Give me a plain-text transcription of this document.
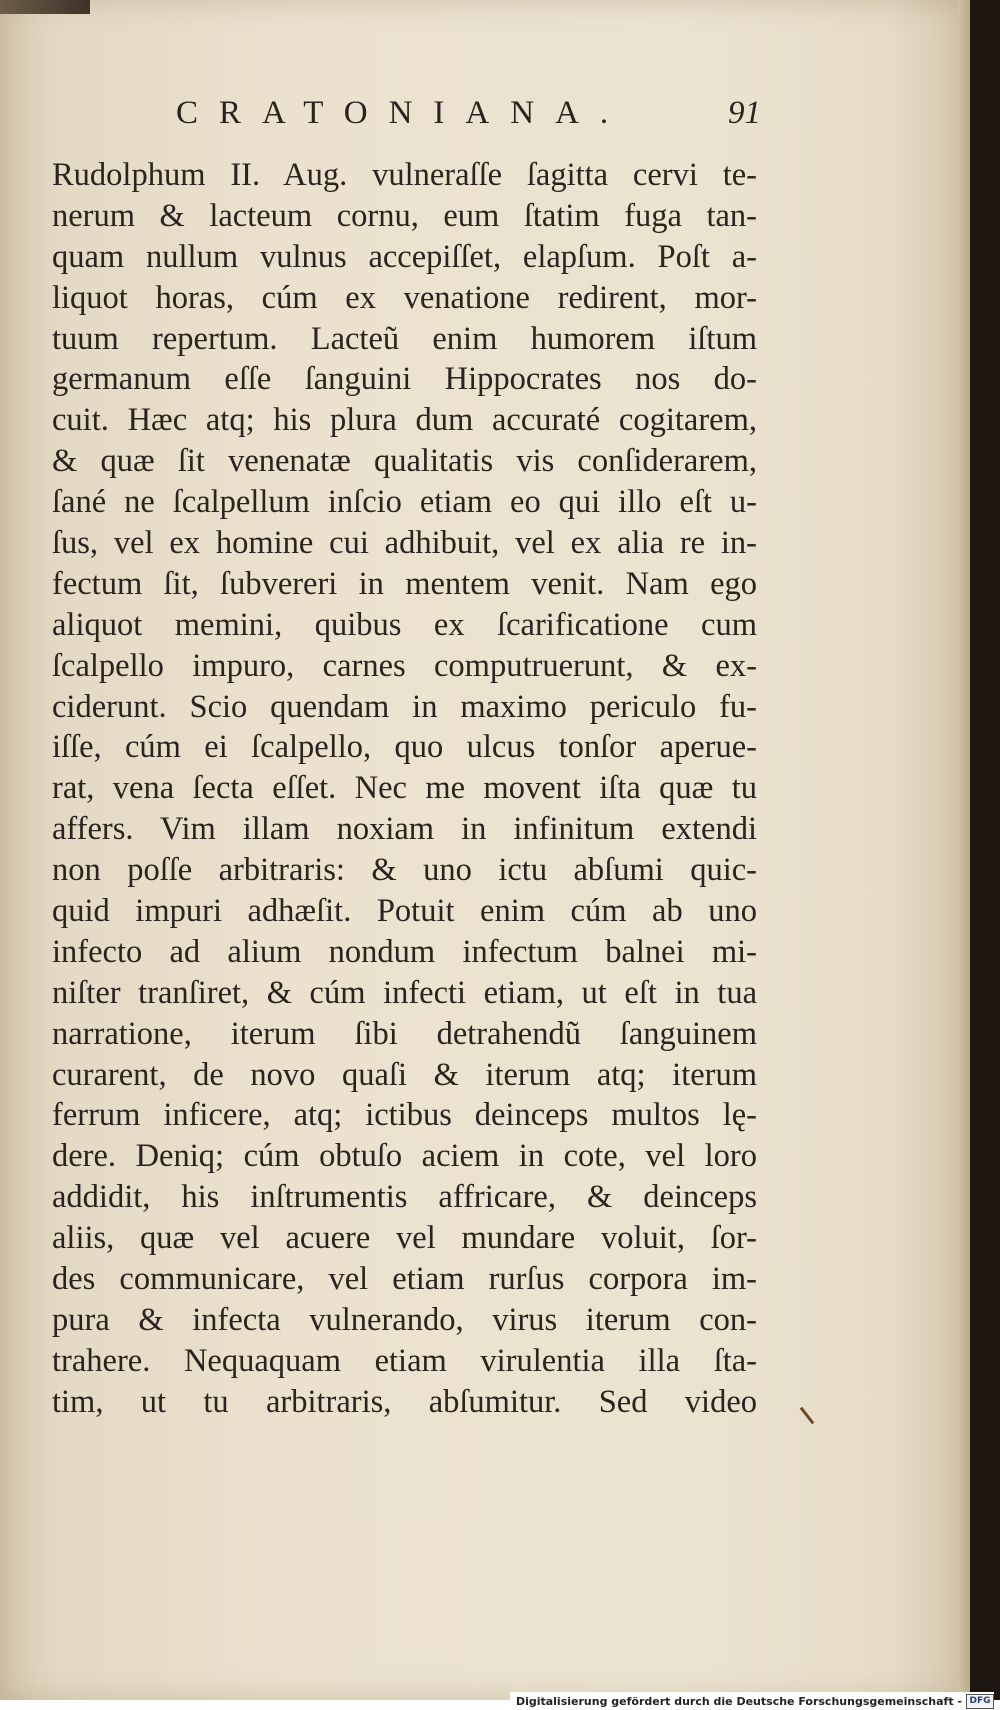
CRATONIANA.	91
Rudolphum II. Aug. vulneraſſe ſagitta cervi te-
nerum & lacteum cornu, eum ſtatim fuga tan-
quam nullum vulnus accepiſſet, elapſum. Poſt a-
liquot horas, cúm ex venatione redirent, mor-
tuum repertum. Lacteũ enim humorem iſtum
germanum eſſe ſanguini Hippocrates nos do-
cuit. Hæc atq; his plura dum accuraté cogitarem,
& quæ ſit venenatæ qualitatis vis conſiderarem,
ſané ne ſcalpellum inſcio etiam eo qui illo eſt u-
ſus, vel ex homine cui adhibuit, vel ex alia re in-
fectum ſit, ſubvereri in mentem venit. Nam ego
aliquot memini, quibus ex ſcarificatione cum
ſcalpello impuro, carnes computruerunt, & ex-
ciderunt. Scio quendam in maximo periculo fu-
iſſe, cúm ei ſcalpello, quo ulcus tonſor aperue-
rat, vena ſecta eſſet. Nec me movent iſta quæ tu
affers. Vim illam noxiam in infinitum extendi
non poſſe arbitraris: & uno ictu abſumi quic-
quid impuri adhæſit. Potuit enim cúm ab uno
infecto ad alium nondum infectum balnei mi-
niſter tranſiret, & cúm infecti etiam, ut eſt in tua
narratione, iterum ſibi detrahendũ ſanguinem
curarent, de novo quaſi & iterum atq; iterum
ferrum inficere, atq; ictibus deinceps multos lę-
dere. Deniq; cúm obtuſo aciem in cote, vel loro
addidit, his inſtrumentis affricare, & deinceps
aliis, quæ vel acuere vel mundare voluit, ſor-
des communicare, vel etiam rurſus corpora im-
pura & infecta vulnerando, virus iterum con-
trahere. Nequaquam etiam virulentia illa ſta-
tim, ut tu arbitraris, abſumitur. Sed video
Digitalisierung gefördert durch die Deutsche Forschungsgemeinschaft - DFG
